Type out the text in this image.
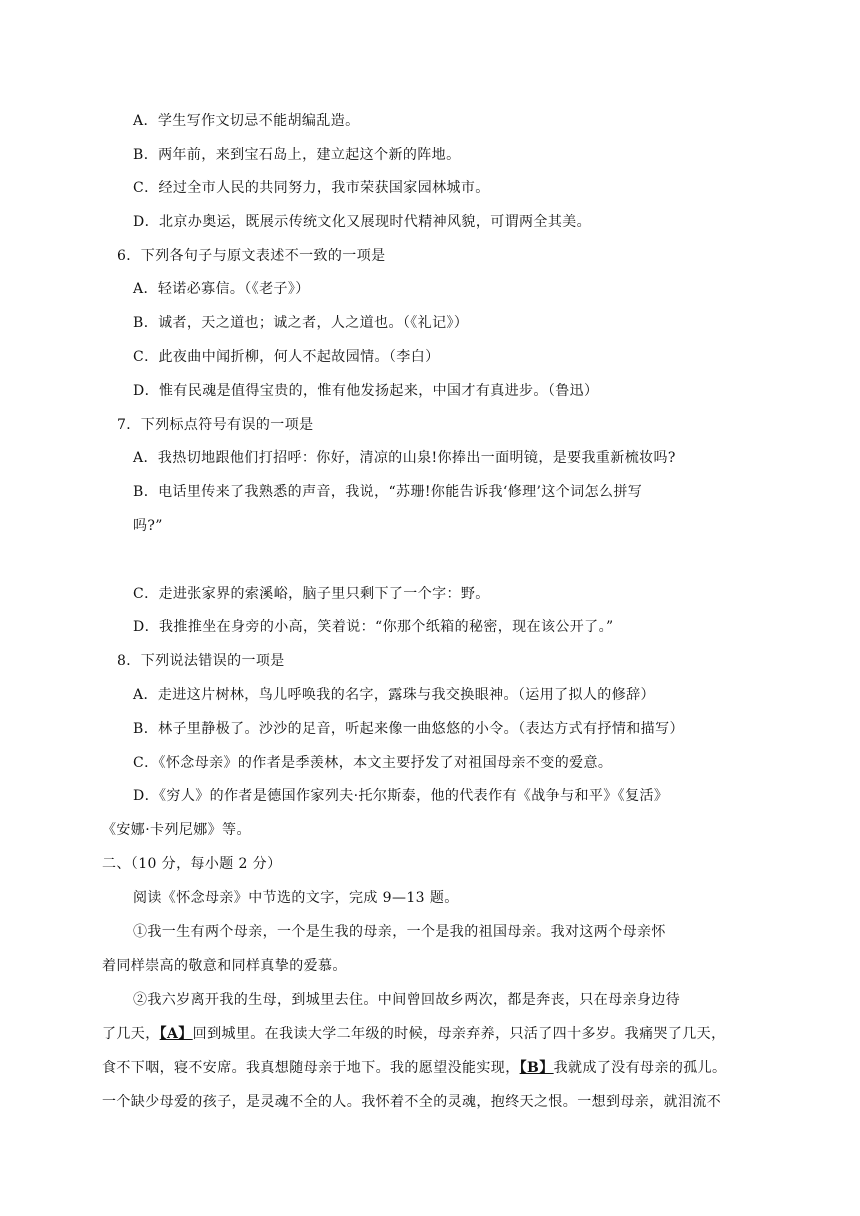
A．学生写作文切忌不能胡编乱造。
B．两年前，来到宝石岛上，建立起这个新的阵地。
C．经过全市人民的共同努力，我市荣获国家园林城市。
D．北京办奥运，既展示传统文化又展现时代精神风貌，可谓两全其美。
6．下列各句子与原文表述不一致的一项是
A．轻诺必寡信。（《老子》）
B．诚者，天之道也；诚之者，人之道也。（《礼记》）
C．此夜曲中闻折柳，何人不起故园情。（李白）
D．惟有民魂是值得宝贵的，惟有他发扬起来，中国才有真进步。（鲁迅）
7．下列标点符号有误的一项是
A．我热切地跟他们打招呼：你好，清凉的山泉!你捧出一面明镜，是要我重新梳妆吗?
B．电话里传来了我熟悉的声音，我说，“苏珊!你能告诉我‘修理’这个词怎么拼写
吗?”
C．走进张家界的索溪峪，脑子里只剩下了一个字：野。
D．我推推坐在身旁的小高，笑着说：“你那个纸箱的秘密，现在该公开了。”
8．下列说法错误的一项是
A．走进这片树林，鸟儿呼唤我的名字，露珠与我交换眼神。（运用了拟人的修辞）
B．林子里静极了。沙沙的足音，听起来像一曲悠悠的小令。（表达方式有抒情和描写）
C．《怀念母亲》的作者是季羡林，本文主要抒发了对祖国母亲不变的爱意。
D．《穷人》的作者是德国作家列夫·托尔斯泰，他的代表作有《战争与和平》《复活》
《安娜·卡列尼娜》等。
二、（10 分，每小题 2 分）
阅读《怀念母亲》中节选的文字，完成 9—13 题。
①我一生有两个母亲，一个是生我的母亲，一个是我的祖国母亲。我对这两个母亲怀
着同样崇高的敬意和同样真挚的爱慕。
②我六岁离开我的生母，到城里去住。中间曾回故乡两次，都是奔丧，只在母亲身边待
了几天，【A】回到城里。在我读大学二年级的时候，母亲弃养，只活了四十多岁。我痛哭了几天，
食不下咽，寝不安席。我真想随母亲于地下。我的愿望没能实现，【B】我就成了没有母亲的孤儿。
一个缺少母爱的孩子，是灵魂不全的人。我怀着不全的灵魂，抱终天之恨。一想到母亲，就泪流不
